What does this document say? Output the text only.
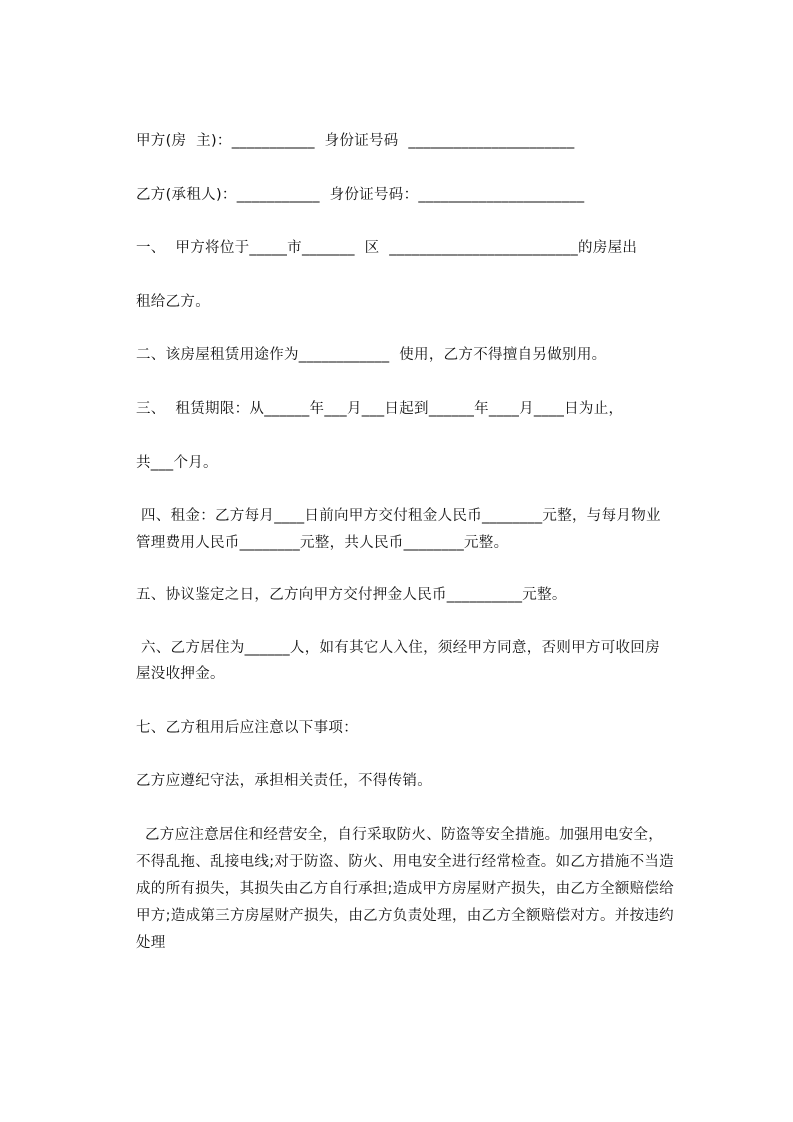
甲方(房  主)：___________  身份证号码  ______________________
乙方(承租人)：___________  身份证号码：______________________
一、  甲方将位于_____市_______  区  _________________________的房屋出
租给乙方。
二、该房屋租赁用途作为____________  使用，乙方不得擅自另做别用。
三、  租赁期限：从______年___月___日起到______年____月____日为止，
共___个月。
四、租金：乙方每月____日前向甲方交付租金人民币________元整，与每月物业
管理费用人民币________元整，共人民币________元整。
五、协议鉴定之日，乙方向甲方交付押金人民币__________元整。
六、乙方居住为______人，如有其它人入住，须经甲方同意，否则甲方可收回房
屋没收押金。
七、乙方租用后应注意以下事项：
乙方应遵纪守法，承担相关责任，不得传销。
乙方应注意居住和经营安全，自行采取防火、防盗等安全措施。加强用电安全，
不得乱拖、乱接电线;对于防盗、防火、用电安全进行经常检查。如乙方措施不当造
成的所有损失，其损失由乙方自行承担;造成甲方房屋财产损失，由乙方全额赔偿给
甲方;造成第三方房屋财产损失，由乙方负责处理，由乙方全额赔偿对方。并按违约
处理
